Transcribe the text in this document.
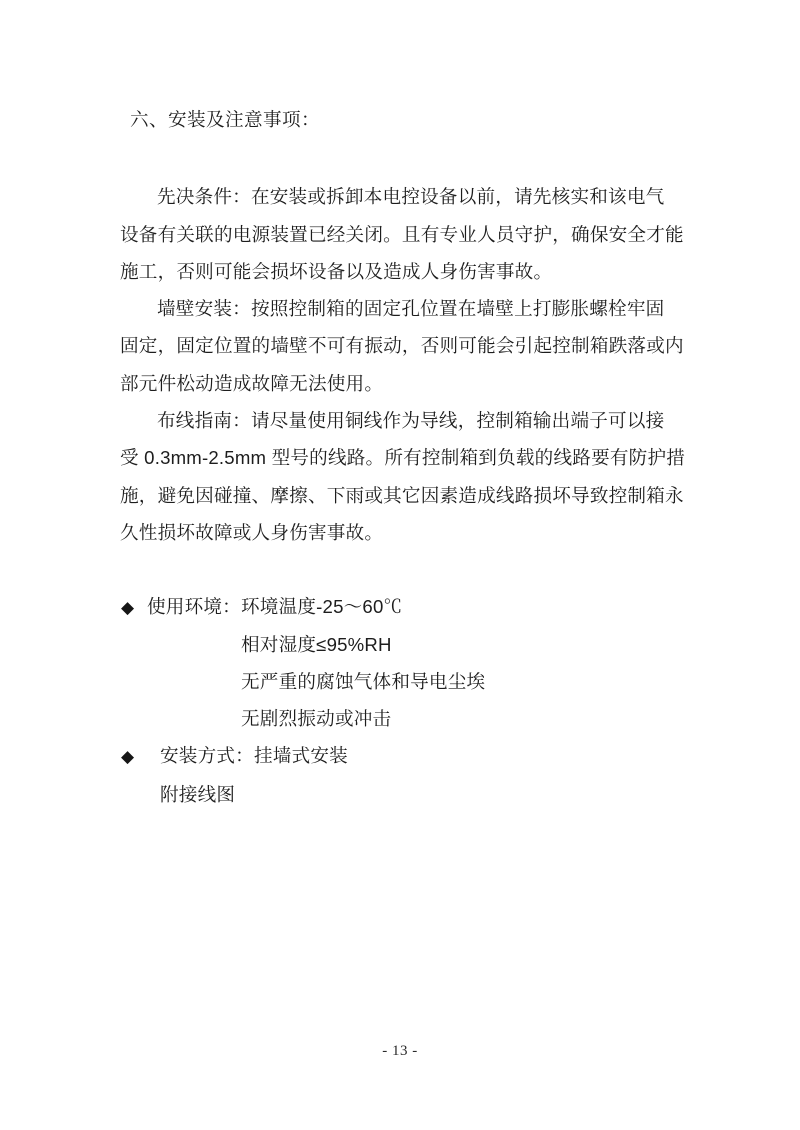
六、安装及注意事项：

先决条件：在安装或拆卸本电控设备以前，请先核实和该电气
设备有关联的电源装置已经关闭。且有专业人员守护，确保安全才能
施工，否则可能会损坏设备以及造成人身伤害事故。

墙壁安装：按照控制箱的固定孔位置在墙壁上打膨胀螺栓牢固
固定，固定位置的墙壁不可有振动，否则可能会引起控制箱跌落或内
部元件松动造成故障无法使用。

布线指南：请尽量使用铜线作为导线，控制箱输出端子可以接
受 0.3mm-2.5mm 型号的线路。所有控制箱到负载的线路要有防护措
施，避免因碰撞、摩擦、下雨或其它因素造成线路损坏导致控制箱永
久性损坏故障或人身伤害事故。

◆ 使用环境： 环境温度-25～60℃
相对湿度≤95%RH
无严重的腐蚀气体和导电尘埃
无剧烈振动或冲击
◆	安装方式： 挂墙式安装
附接线图
- 13 -
